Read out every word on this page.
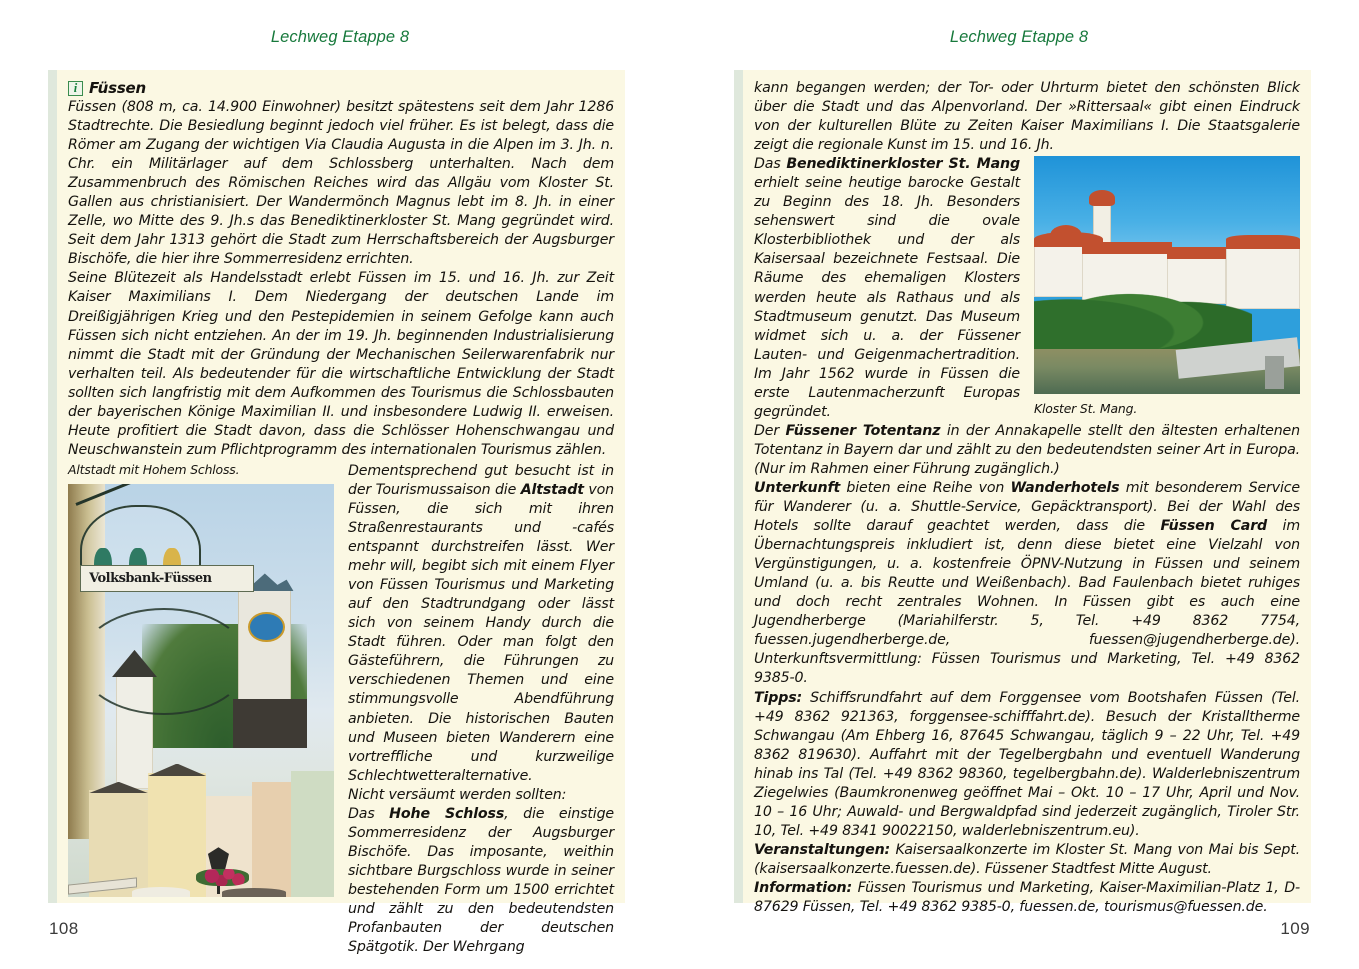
Lechweg Etappe 8	Lechweg Etappe 8
i Füssen

Füssen (808 m, ca. 14.900 Einwohner) besitzt spätestens seit dem Jahr 1286 Stadtrechte. Die Besiedlung beginnt jedoch viel früher. Es ist belegt, dass die Römer am Zugang der wichtigen Via Claudia Augusta in die Alpen im 3. Jh. n. Chr. ein Militärlager auf dem Schlossberg unterhalten. Nach dem Zusammenbruch des Römischen Reiches wird das Allgäu vom Kloster St. Gallen aus christianisiert. Der Wandermönch Magnus lebt im 8. Jh. in einer Zelle, wo Mitte des 9. Jh.s das Benediktinerkloster St. Mang gegründet wird. Seit dem Jahr 1313 gehört die Stadt zum Herrschaftsbereich der Augsburger Bischöfe, die hier ihre Sommerresidenz errichten.

Seine Blütezeit als Handelsstadt erlebt Füssen im 15. und 16. Jh. zur Zeit Kaiser Maximilians I. Dem Niedergang der deutschen Lande im Dreißigjährigen Krieg und den Pestepidemien in seinem Gefolge kann auch Füssen sich nicht entziehen. An der im 19. Jh. beginnenden Industrialisierung nimmt die Stadt mit der Gründung der Mechanischen Seilerwarenfabrik nur verhalten teil. Als bedeutender für die wirtschaftliche Entwicklung der Stadt sollten sich langfristig mit dem Aufkommen des Tourismus die Schlossbauten der bayerischen Könige Maximilian II. und insbesondere Ludwig II. erweisen. Heute profitiert die Stadt davon, dass die Schlösser Hohenschwangau und Neuschwanstein zum Pflichtprogramm des internationalen Tourismus zählen.

Altstadt mit Hohem Schloss.
Volksbank-Füssen

Dementsprechend gut besucht ist in der Tourismussaison die Altstadt von Füssen, die sich mit ihren Straßenrestaurants und -cafés entspannt durchstreifen lässt. Wer mehr will, begibt sich mit einem Flyer von Füssen Tourismus und Marketing auf den Stadtrundgang oder lässt sich von seinem Handy durch die Stadt führen. Oder man folgt den Gästeführern, die Führungen zu verschiedenen Themen und eine stimmungsvolle Abendführung anbieten. Die historischen Bauten und Museen bieten Wanderern eine vortreffliche und kurzweilige Schlechtwetteralternative.

Nicht versäumt werden sollten:

Das Hohe Schloss, die einstige Sommerresidenz der Augsburger Bischöfe. Das imposante, weithin sichtbare Burgschloss wurde in seiner bestehenden Form um 1500 errichtet und zählt zu den bedeutendsten Profanbauten der deutschen Spätgotik. Der Wehrgang

kann begangen werden; der Tor- oder Uhrturm bietet den schönsten Blick über die Stadt und das Alpenvorland. Der »Rittersaal« gibt einen Eindruck von der kulturellen Blüte zu Zeiten Kaiser Maximilians I. Die Staatsgalerie zeigt die regionale Kunst im 15. und 16. Jh.

Kloster St. Mang.

Das Benediktinerkloster St. Mang erhielt seine heutige barocke Gestalt zu Beginn des 18. Jh. Besonders sehenswert sind die ovale Klosterbibliothek und der als Kaisersaal bezeichnete Festsaal. Die Räume des ehemaligen Klosters werden heute als Rathaus und als Stadtmuseum genutzt. Das Museum widmet sich u. a. der Füssener Lauten- und Geigenmachertradition. Im Jahr 1562 wurde in Füssen die erste Lautenmacherzunft Europas gegründet.

Der Füssener Totentanz in der Annakapelle stellt den ältesten erhaltenen Totentanz in Bayern dar und zählt zu den bedeutendsten seiner Art in Europa. (Nur im Rahmen einer Führung zugänglich.)

Unterkunft bieten eine Reihe von Wanderhotels mit besonderem Service für Wanderer (u. a. Shuttle-Service, Gepäcktransport). Bei der Wahl des Hotels sollte darauf geachtet werden, dass die Füssen Card im Übernachtungspreis inkludiert ist, denn diese bietet eine Vielzahl von Vergünstigungen, u. a. kostenfreie ÖPNV-Nutzung in Füssen und seinem Umland (u. a. bis Reutte und Weißenbach). Bad Faulenbach bietet ruhiges und doch recht zentrales Wohnen. In Füssen gibt es auch eine Jugendherberge (Mariahilferstr. 5, Tel. +49 8362 7754, fuessen.jugendherberge.de, fuessen@jugendherberge.de). Unterkunftsvermittlung: Füssen Tourismus und Marketing, Tel. +49 8362 9385-0.

Tipps: Schiffsrundfahrt auf dem Forggensee vom Bootshafen Füssen (Tel. +49 8362 921363, forggensee-schifffahrt.de). Besuch der Kristalltherme Schwangau (Am Ehberg 16, 87645 Schwangau, täglich 9 – 22 Uhr, Tel. +49 8362 819630). Auffahrt mit der Tegelbergbahn und eventuell Wanderung hinab ins Tal (Tel. +49 8362 98360, tegelbergbahn.de). Walderlebniszentrum Ziegelwies (Baumkronenweg geöffnet Mai – Okt. 10 – 17 Uhr, April und Nov. 10 – 16 Uhr; Auwald- und Bergwaldpfad sind jederzeit zugänglich, Tiroler Str. 10, Tel. +49 8341 90022150, walderlebniszentrum.eu).

Veranstaltungen: Kaisersaalkonzerte im Kloster St. Mang von Mai bis Sept. (kaisersaalkonzerte.fuessen.de). Füssener Stadtfest Mitte August.

Information: Füssen Tourismus und Marketing, Kaiser-Maximilian-Platz 1, D-87629 Füssen, Tel. +49 8362 9385-0, fuessen.de, tourismus@fuessen.de.

108	109
